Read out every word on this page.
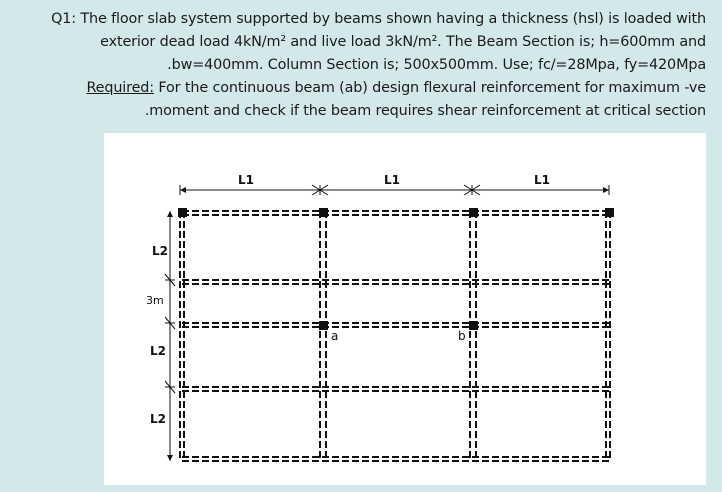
Q1: The floor slab system supported by beams shown having a thickness (hsl) is loaded with
exterior dead load 4kN/m² and live load 3kN/m². The Beam Section is; h=600mm and
.bw=400mm. Column Section is; 500x500mm. Use; fc/=28Mpa, fy=420Mpa
Required: For the continuous beam (ab) design flexural reinforcement for maximum -ve
.moment and check if the beam requires shear reinforcement at critical section
L1	L1	L1
L2
3m
L2
L2
a	b
